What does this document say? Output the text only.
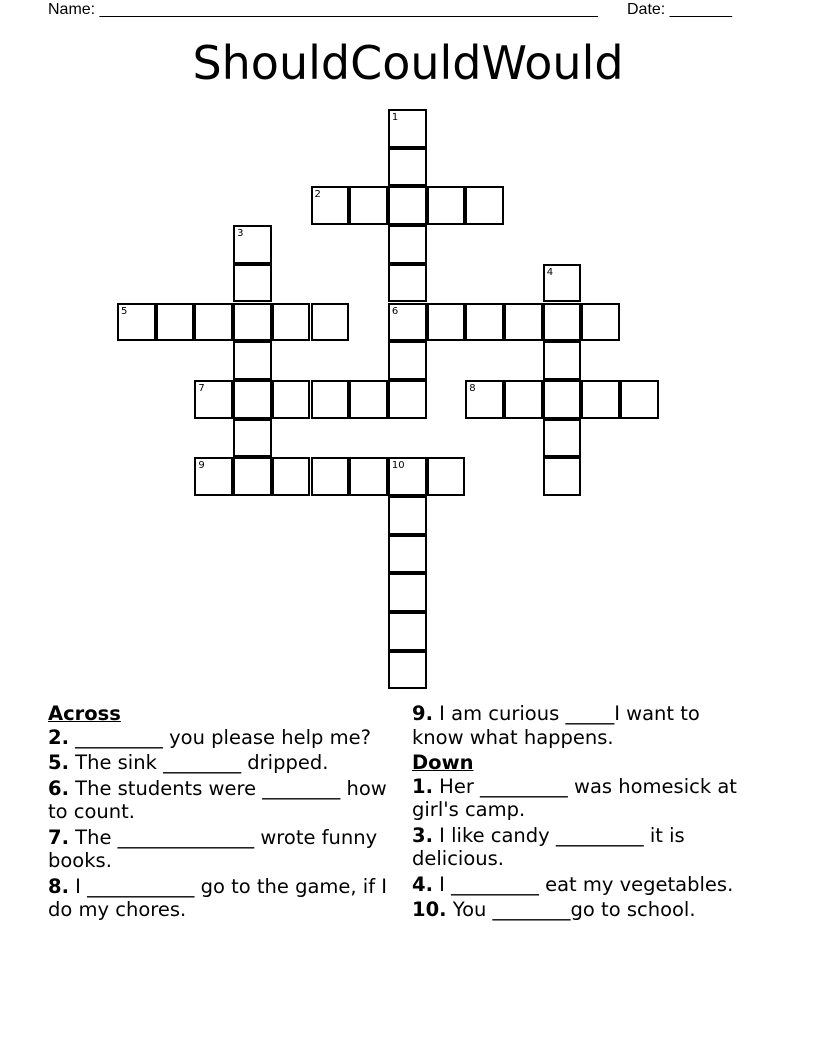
Name: ________________________________________________________ Date: _______
ShouldCouldWould
1
6
2
3
4
5
7	8
9	10
Across
2. _________ you please help me?
5. The sink ________ dripped.
6. The students were ________ how to count.
7. The ______________ wrote funny books.
8. I ___________ go to the game, if I do my chores.
9. I am curious _____I want to know what happens.
Down
1. Her _________ was homesick at girl's camp.
3. I like candy _________ it is delicious.
4. I _________ eat my vegetables.
10. You ________go to school.
